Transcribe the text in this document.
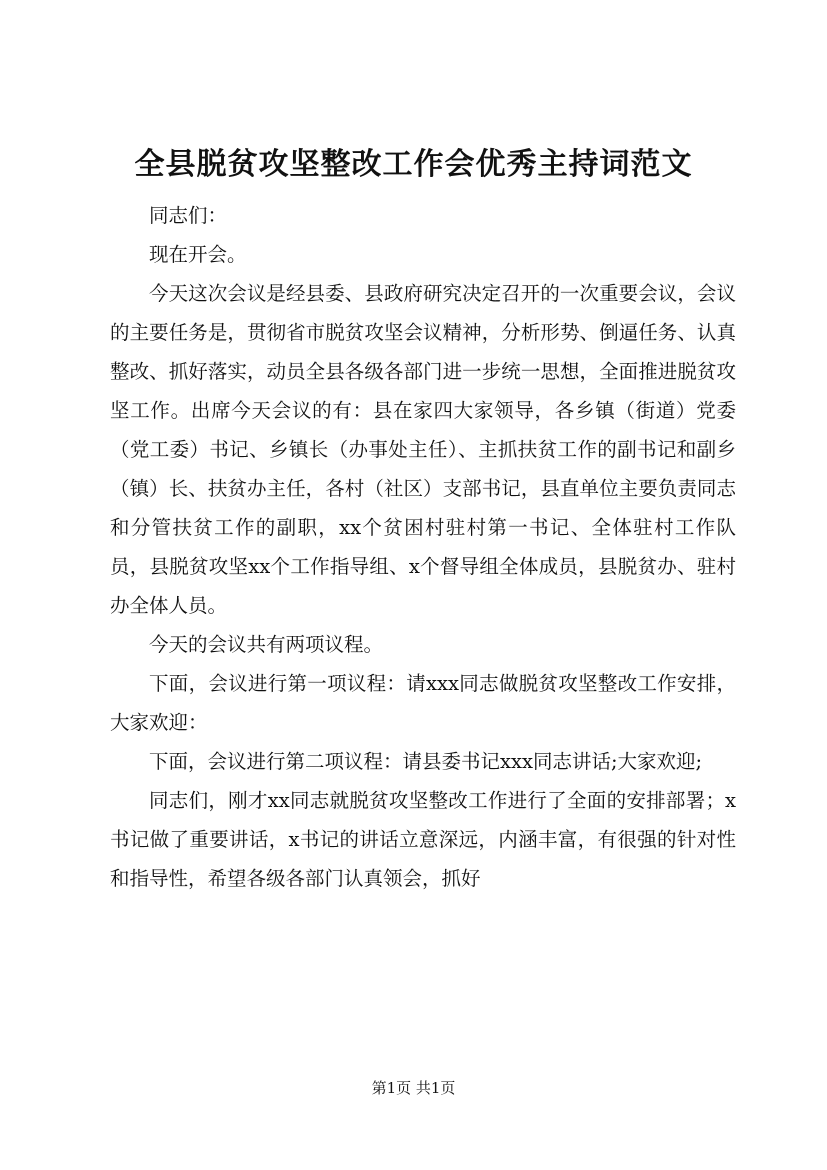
全县脱贫攻坚整改工作会优秀主持词范文

同志们：

现在开会。

今天这次会议是经县委、县政府研究决定召开的一次重要会议，会议的主要任务是，贯彻省市脱贫攻坚会议精神，分析形势、倒逼任务、认真整改、抓好落实，动员全县各级各部门进一步统一思想，全面推进脱贫攻坚工作。出席今天会议的有：县在家四大家领导，各乡镇（街道）党委（党工委）书记、乡镇长（办事处主任）、主抓扶贫工作的副书记和副乡（镇）长、扶贫办主任，各村（社区）支部书记，县直单位主要负责同志和分管扶贫工作的副职，xx个贫困村驻村第一书记、全体驻村工作队员，县脱贫攻坚xx个工作指导组、x个督导组全体成员，县脱贫办、驻村办全体人员。

今天的会议共有两项议程。

下面，会议进行第一项议程：请xxx同志做脱贫攻坚整改工作安排，大家欢迎：

下面，会议进行第二项议程：请县委书记xxx同志讲话;大家欢迎;

同志们，刚才xx同志就脱贫攻坚整改工作进行了全面的安排部署；x书记做了重要讲话，x书记的讲话立意深远，内涵丰富，有很强的针对性和指导性，希望各级各部门认真领会，抓好

第1页 共1页
